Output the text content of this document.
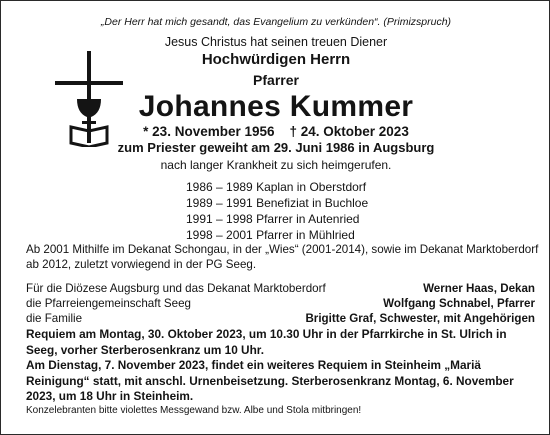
„Der Herr hat mich gesandt, das Evangelium zu verkünden“. (Primizspruch)
Jesus Christus hat seinen treuen Diener
Hochwürdigen Herrn
Pfarrer
Johannes Kummer
* 23. November 1956    † 24. Oktober 2023
zum Priester geweiht am 29. Juni 1986 in Augsburg
nach langer Krankheit zu sich heimgerufen.
1986 – 1989 Kaplan in Oberstdorf
1989 – 1991 Benefiziat in Buchloe
1991 – 1998 Pfarrer in Autenried
1998 – 2001 Pfarrer in Mühlried
Ab 2001 Mithilfe im Dekanat Schongau, in der „Wies“ (2001-2014), sowie im Dekanat Marktoberdorf ab 2012, zuletzt vorwiegend in der PG Seeg.
Für die Diözese Augsburg und das Dekanat Marktoberdorf	Werner Haas, Dekan
die Pfarreiengemeinschaft Seeg	Wolfgang Schnabel, Pfarrer
die Familie	Brigitte Graf, Schwester, mit Angehörigen
Requiem am Montag, 30. Oktober 2023, um 10.30 Uhr in der Pfarrkirche in St. Ulrich in Seeg, vorher Sterberosenkranz um 10 Uhr.
Am Dienstag, 7. November 2023, findet ein weiteres Requiem in Steinheim „Mariä Reinigung“ statt, mit anschl. Urnenbeisetzung. Sterberosenkranz Montag, 6. November 2023, um 18 Uhr in Steinheim.
Konzelebranten bitte violettes Messgewand bzw. Albe und Stola mitbringen!
